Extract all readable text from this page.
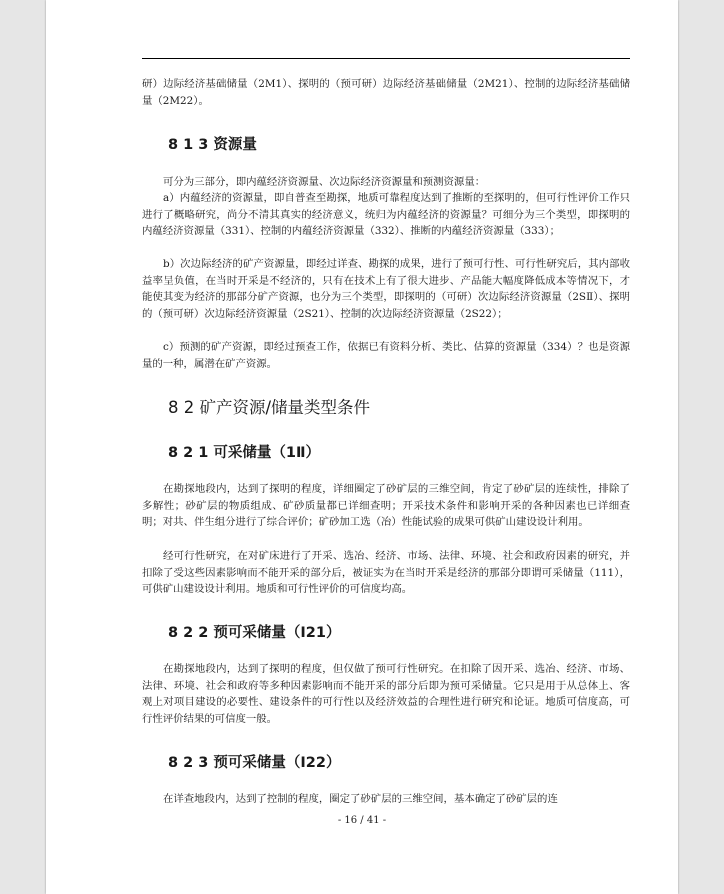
研）边际经济基础储量（2M1）、探明的（预可研）边际经济基础储量（2M21）、控制的边际经济基础储量（2M22）。

8 1 3 资源量

可分为三部分，即内蕴经济资源量、次边际经济资源量和预测资源量：

a）内蕴经济的资源量，即自普查至勘探，地质可靠程度达到了推断的至探明的，但可行性评价工作只进行了概略研究，尚分不清其真实的经济意义，统归为内蕴经济的资源量？可细分为三个类型，即探明的内蕴经济资源量（331）、控制的内蕴经济资源量（332）、推断的内蕴经济资源量（333）；

b）次边际经济的矿产资源量，即经过详查、勘探的成果，进行了预可行性、可行性研究后，其内部收益率呈负值，在当时开采是不经济的，只有在技术上有了很大进步、产品能大幅度降低成本等情况下，才能使其变为经济的那部分矿产资源，也分为三个类型，即探明的（可研）次边际经济资源量（2SⅡ）、探明的（预可研）次边际经济资源量（2S21）、控制的次边际经济资源量（2S22）；

c）预测的矿产资源，即经过预查工作，依据已有资料分析、类比、估算的资源量（334）？也是资源量的一种，属潜在矿产资源。

8 2 矿产资源/储量类型条件
8 2 1 可采储量（1Ⅱ）

在勘探地段内，达到了探明的程度，详细圈定了砂矿层的三维空间，肯定了砂矿层的连续性，排除了多解性；砂矿层的物质组成、矿砂质量都已详细查明；开采技术条件和影响开采的各种因素也已详细查明；对共、伴生组分进行了综合评价；矿砂加工选（冶）性能试验的成果可供矿山建设设计利用。

经可行性研究，在对矿床进行了开采、选冶、经济、市场、法律、环境、社会和政府因素的研究，并扣除了受这些因素影响而不能开采的部分后，被证实为在当时开采是经济的那部分即谓可采储量（111），可供矿山建设设计利用。地质和可行性评价的可信度均高。

8 2 2 预可采储量（I21）

在勘探地段内，达到了探明的程度，但仅做了预可行性研究。在扣除了因开采、选冶、经济、市场、法律、环境、社会和政府等多种因素影响而不能开采的部分后即为预可采储量。它只是用于从总体上、客观上对项目建设的必要性、建设条件的可行性以及经济效益的合理性进行研究和论证。地质可信度高，可行性评价结果的可信度一般。

8 2 3 预可采储量（I22）

在详查地段内，达到了控制的程度，圈定了砂矿层的三维空间，基本确定了砂矿层的连

- 16 / 41 -
